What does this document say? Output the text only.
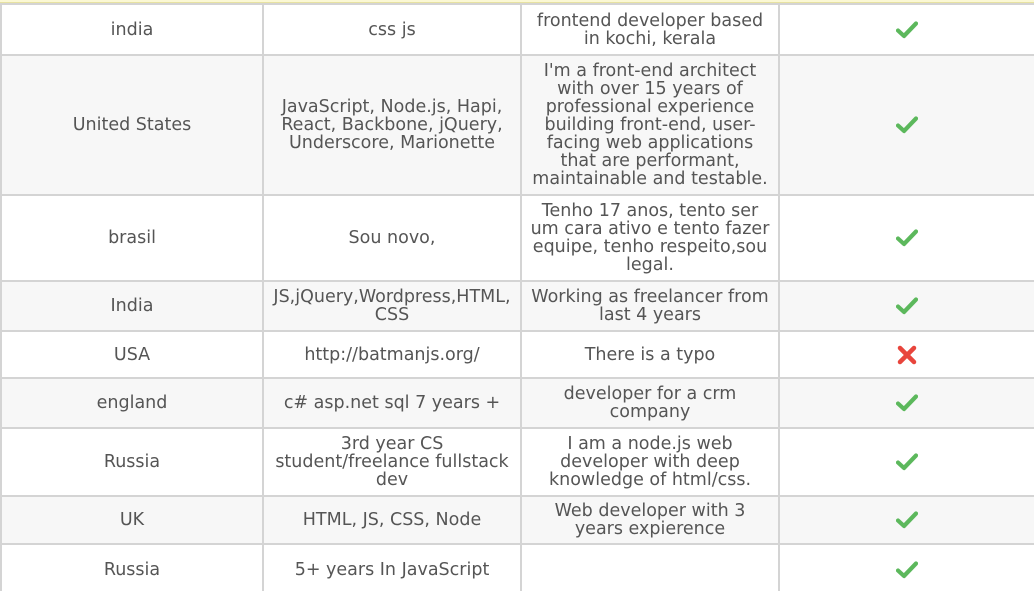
india	css js	frontend developer based in kochi, kerala		
United States	JavaScript, Node.js, Hapi, React, Backbone, jQuery, Underscore, Marionette	I'm a front-end architect with over 15 years of professional experience building front-end, user-facing web applications that are performant, maintainable and testable.		
brasil	Sou novo,	Tenho 17 anos, tento ser um cara ativo e tento fazer equipe, tenho respeito,sou legal.		
India	JS,jQuery,Wordpress,HTML,CSS	Working as freelancer from last 4 years		
USA	http://batmanjs.org/	There is a typo		
england	c# asp.net sql 7 years +	developer for a crm company		
Russia	3rd year CS student/freelance fullstack dev	I am a node.js web developer with deep knowledge of html/css.		
UK	HTML, JS, CSS, Node	Web developer with 3 years expierence		
Russia	5+ years In JavaScript			
